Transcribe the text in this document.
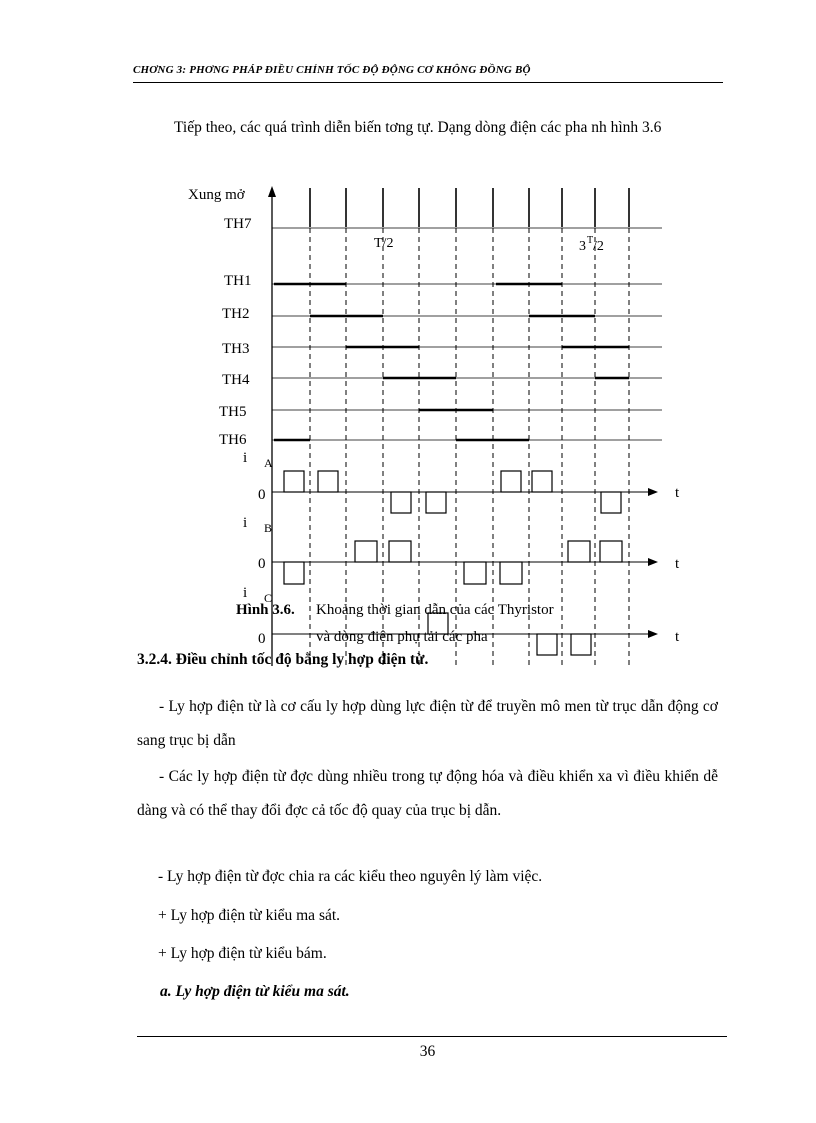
CHƠNG 3: PHƠNG PHÁP ĐIỀU CHỈNH TỐC ĐỘ ĐỘNG CƠ KHÔNG ĐỒNG BỘ

Tiếp theo, các quá trình diễn biến tơng tự. Dạng dòng điện các pha nh hình 3.6

Xung mở
TH7
TH1
TH2
TH3
TH4
TH5
TH6
T/2	3 T /2
i A
0	t
i B
0	t
i C
0	t
Hình 3.6. Khoảng thời gian dẫn của các Thyristor
và dòng điện phụ tải các pha
3.2.4. Điều chỉnh tốc độ bằng ly hợp điện từ.

- Ly hợp điện từ là cơ cấu ly hợp dùng lực điện từ để truyền mô men từ trục dẫn động cơ sang trục bị dẫn

- Các ly hợp điện từ đợc dùng nhiều trong tự động hóa và điều khiển xa vì điều khiển dễ dàng và có thể thay đổi đợc cả tốc độ quay của trục bị dẫn.

- Ly hợp điện từ đợc chia ra các kiểu theo nguyên lý làm việc.

+ Ly hợp điện từ kiểu ma sát.

+ Ly hợp điện từ kiểu bám.

a. Ly hợp điện từ kiểu ma sát.
36
